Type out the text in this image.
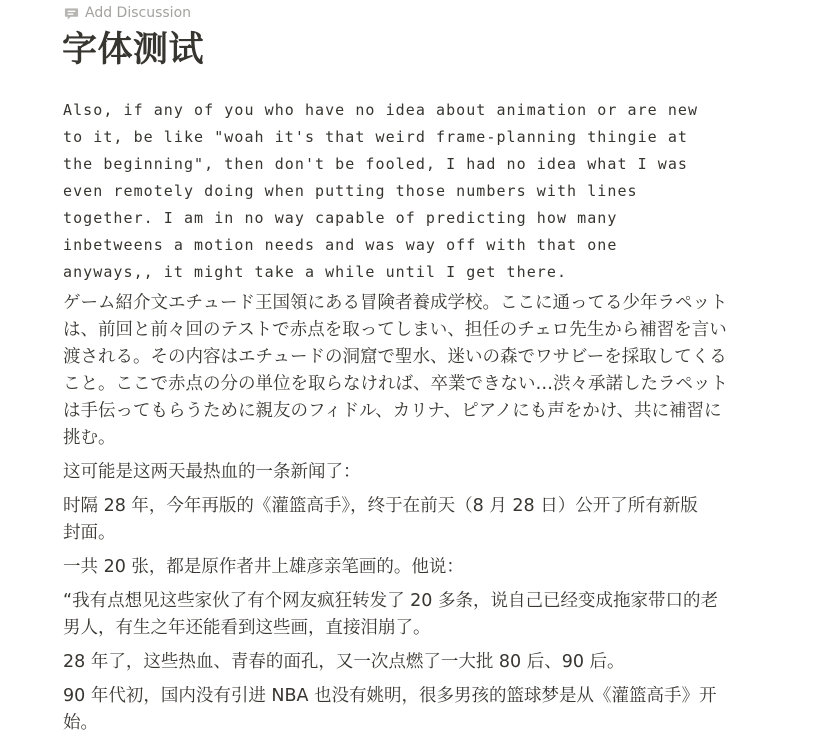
Add Discussion
字体测试
Also, if any of you who have no idea about animation or are new
to it, be like "woah it's that weird frame-planning thingie at
the beginning", then don't be fooled, I had no idea what I was
even remotely doing when putting those numbers with lines
together. I am in no way capable of predicting how many
inbetweens a motion needs and was way off with that one
anyways,, it might take a while until I get there.

ゲーム紹介文エチュード王国領にある冒険者養成学校。ここに通ってる少年ラペット
は、前回と前々回のテストで赤点を取ってしまい、担任のチェロ先生から補習を言い
渡される。その内容はエチュードの洞窟で聖水、迷いの森でワサビーを採取してくる
こと。ここで赤点の分の単位を取らなければ、卒業できない…渋々承諾したラペット
は手伝ってもらうために親友のフィドル、カリナ、ピアノにも声をかけ、共に補習に
挑む。

这可能是这两天最热血的一条新闻了：

时隔 28 年，今年再版的《灌篮高手》，终于在前天（8 月 28 日）公开了所有新版
封面。

一共 20 张，都是原作者井上雄彦亲笔画的。他说：

“我有点想见这些家伙了有个网友疯狂转发了 20 多条，说自己已经变成拖家带口的老
男人，有生之年还能看到这些画，直接泪崩了。

28 年了，这些热血、青春的面孔，又一次点燃了一大批 80 后、90 后。

90 年代初，国内没有引进 NBA 也没有姚明，很多男孩的篮球梦是从《灌篮高手》开
始。
